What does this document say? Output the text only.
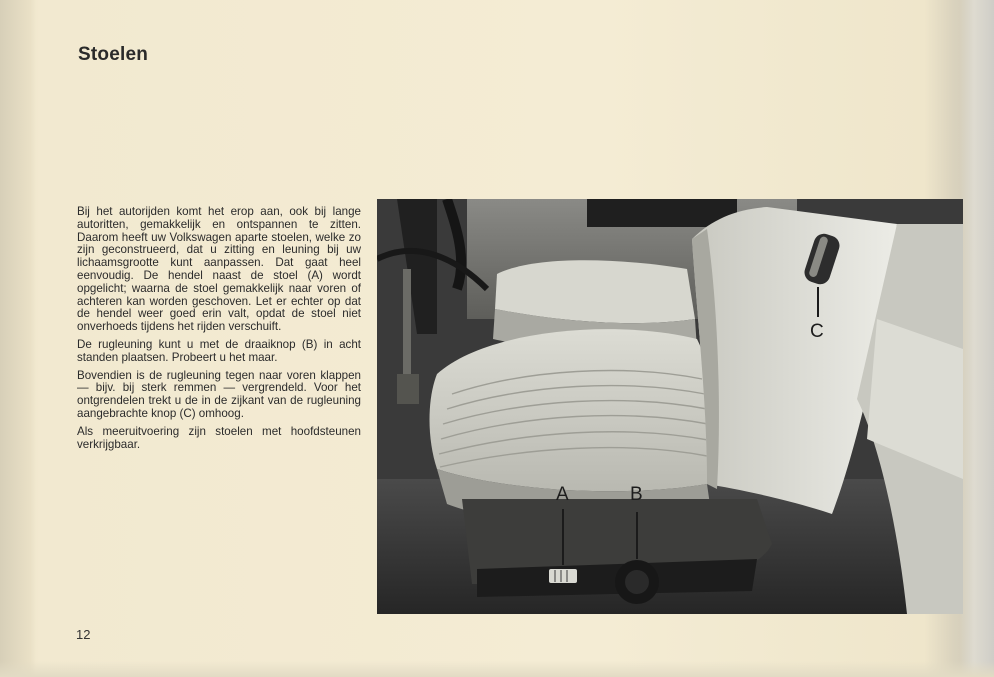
Stoelen

Bij het autorijden komt het erop aan, ook bij lange autoritten, gemakkelijk en ontspannen te zitten. Daarom heeft uw Volkswagen aparte stoelen, welke zo zijn geconstrueerd, dat u zitting en leuning bij uw lichaamsgrootte kunt aanpassen. Dat gaat heel eenvoudig. De hendel naast de stoel (A) wordt opgelicht; waarna de stoel gemakkelijk naar voren of achteren kan worden geschoven. Let er echter op dat de hendel weer goed erin valt, opdat de stoel niet onverhoeds tijdens het rijden verschuift.

De rugleuning kunt u met de draaiknop (B) in acht standen plaatsen. Probeert u het maar.

Bovendien is de rugleuning tegen naar voren klappen — bijv. bij sterk remmen — vergrendeld. Voor het ontgrendelen trekt u de in de zijkant van de rugleuning aangebrachte knop (C) omhoog.

Als meeruitvoering zijn stoelen met hoofdsteunen verkrijgbaar.

A	B
C
12
